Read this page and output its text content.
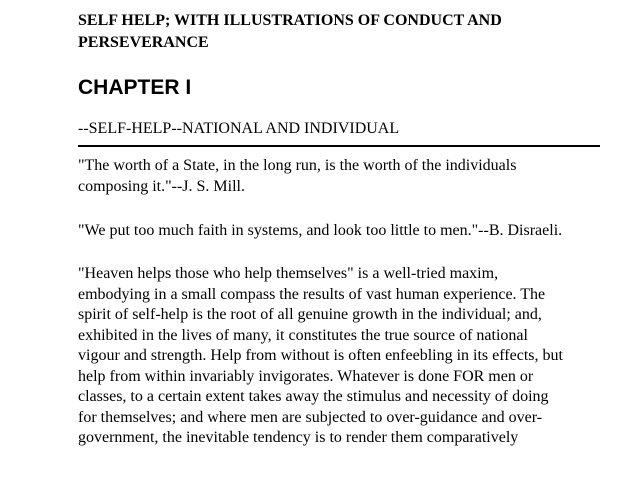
SELF HELP; WITH ILLUSTRATIONS OF CONDUCT AND
PERSEVERANCE
CHAPTER I

--SELF-HELP--NATIONAL AND INDIVIDUAL

"The worth of a State, in the long run, is the worth of the individuals
composing it."--J. S. Mill.

"We put too much faith in systems, and look too little to men."--B. Disraeli.

"Heaven helps those who help themselves" is a well-tried maxim,
embodying in a small compass the results of vast human experience. The
spirit of self-help is the root of all genuine growth in the individual; and,
exhibited in the lives of many, it constitutes the true source of national
vigour and strength. Help from without is often enfeebling in its effects, but
help from within invariably invigorates. Whatever is done FOR men or
classes, to a certain extent takes away the stimulus and necessity of doing
for themselves; and where men are subjected to over-guidance and over-
government, the inevitable tendency is to render them comparatively
